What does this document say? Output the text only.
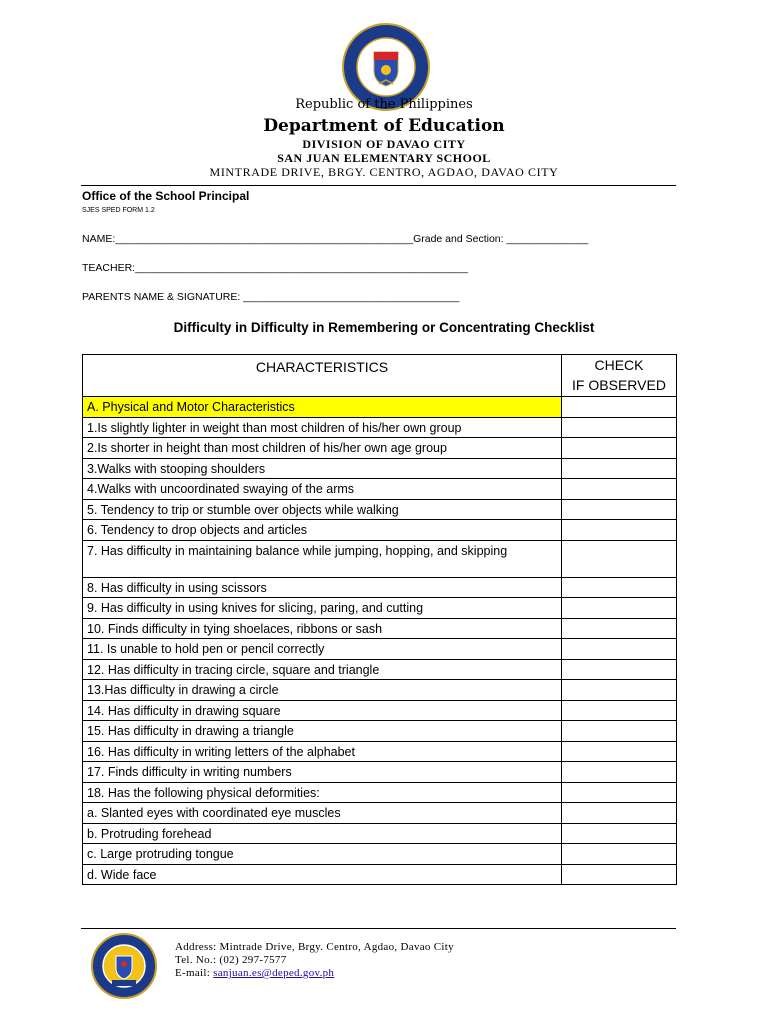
Republic of the Philippines
Department of Education
DIVISION OF DAVAO CITY
SAN JUAN ELEMENTARY SCHOOL
MINTRADE DRIVE, BRGY. CENTRO, AGDAO, DAVAO CITY
Office of the School Principal
SJES SPED FORM 1.2
NAME:___________________________________________________Grade and Section: ______________
TEACHER:_________________________________________________________
PARENTS NAME & SIGNATURE: _____________________________________
Difficulty in Difficulty in Remembering or Concentrating Checklist
CHARACTERISTICS	CHECK
IF OBSERVED
A. Physical and Motor Characteristics	
1.Is slightly lighter in weight than most children of his/her own group	
2.Is shorter in height than most children of his/her own age group	
3.Walks with stooping shoulders	
4.Walks with uncoordinated swaying of the arms	
5. Tendency to trip or stumble over objects while walking	
6. Tendency to drop objects and articles	
7. Has difficulty in maintaining balance while jumping, hopping, and skipping	
8. Has difficulty in using scissors	
9. Has difficulty in using knives for slicing, paring, and cutting	
10. Finds difficulty in tying shoelaces, ribbons or sash	
11. Is unable to hold pen or pencil correctly	
12. Has difficulty in tracing circle, square and triangle	
13.Has difficulty in drawing a circle	
14. Has difficulty in drawing square	
15. Has difficulty in drawing a triangle	
16. Has difficulty in writing letters of the alphabet	
17. Finds difficulty in writing numbers	
18. Has the following physical deformities:	
a. Slanted eyes with coordinated eye muscles	
b. Protruding forehead	
c. Large protruding tongue	
d. Wide face	
Address: Mintrade Drive, Brgy. Centro, Agdao, Davao City
Tel. No.: (02) 297-7577
E-mail: sanjuan.es@deped.gov.ph
